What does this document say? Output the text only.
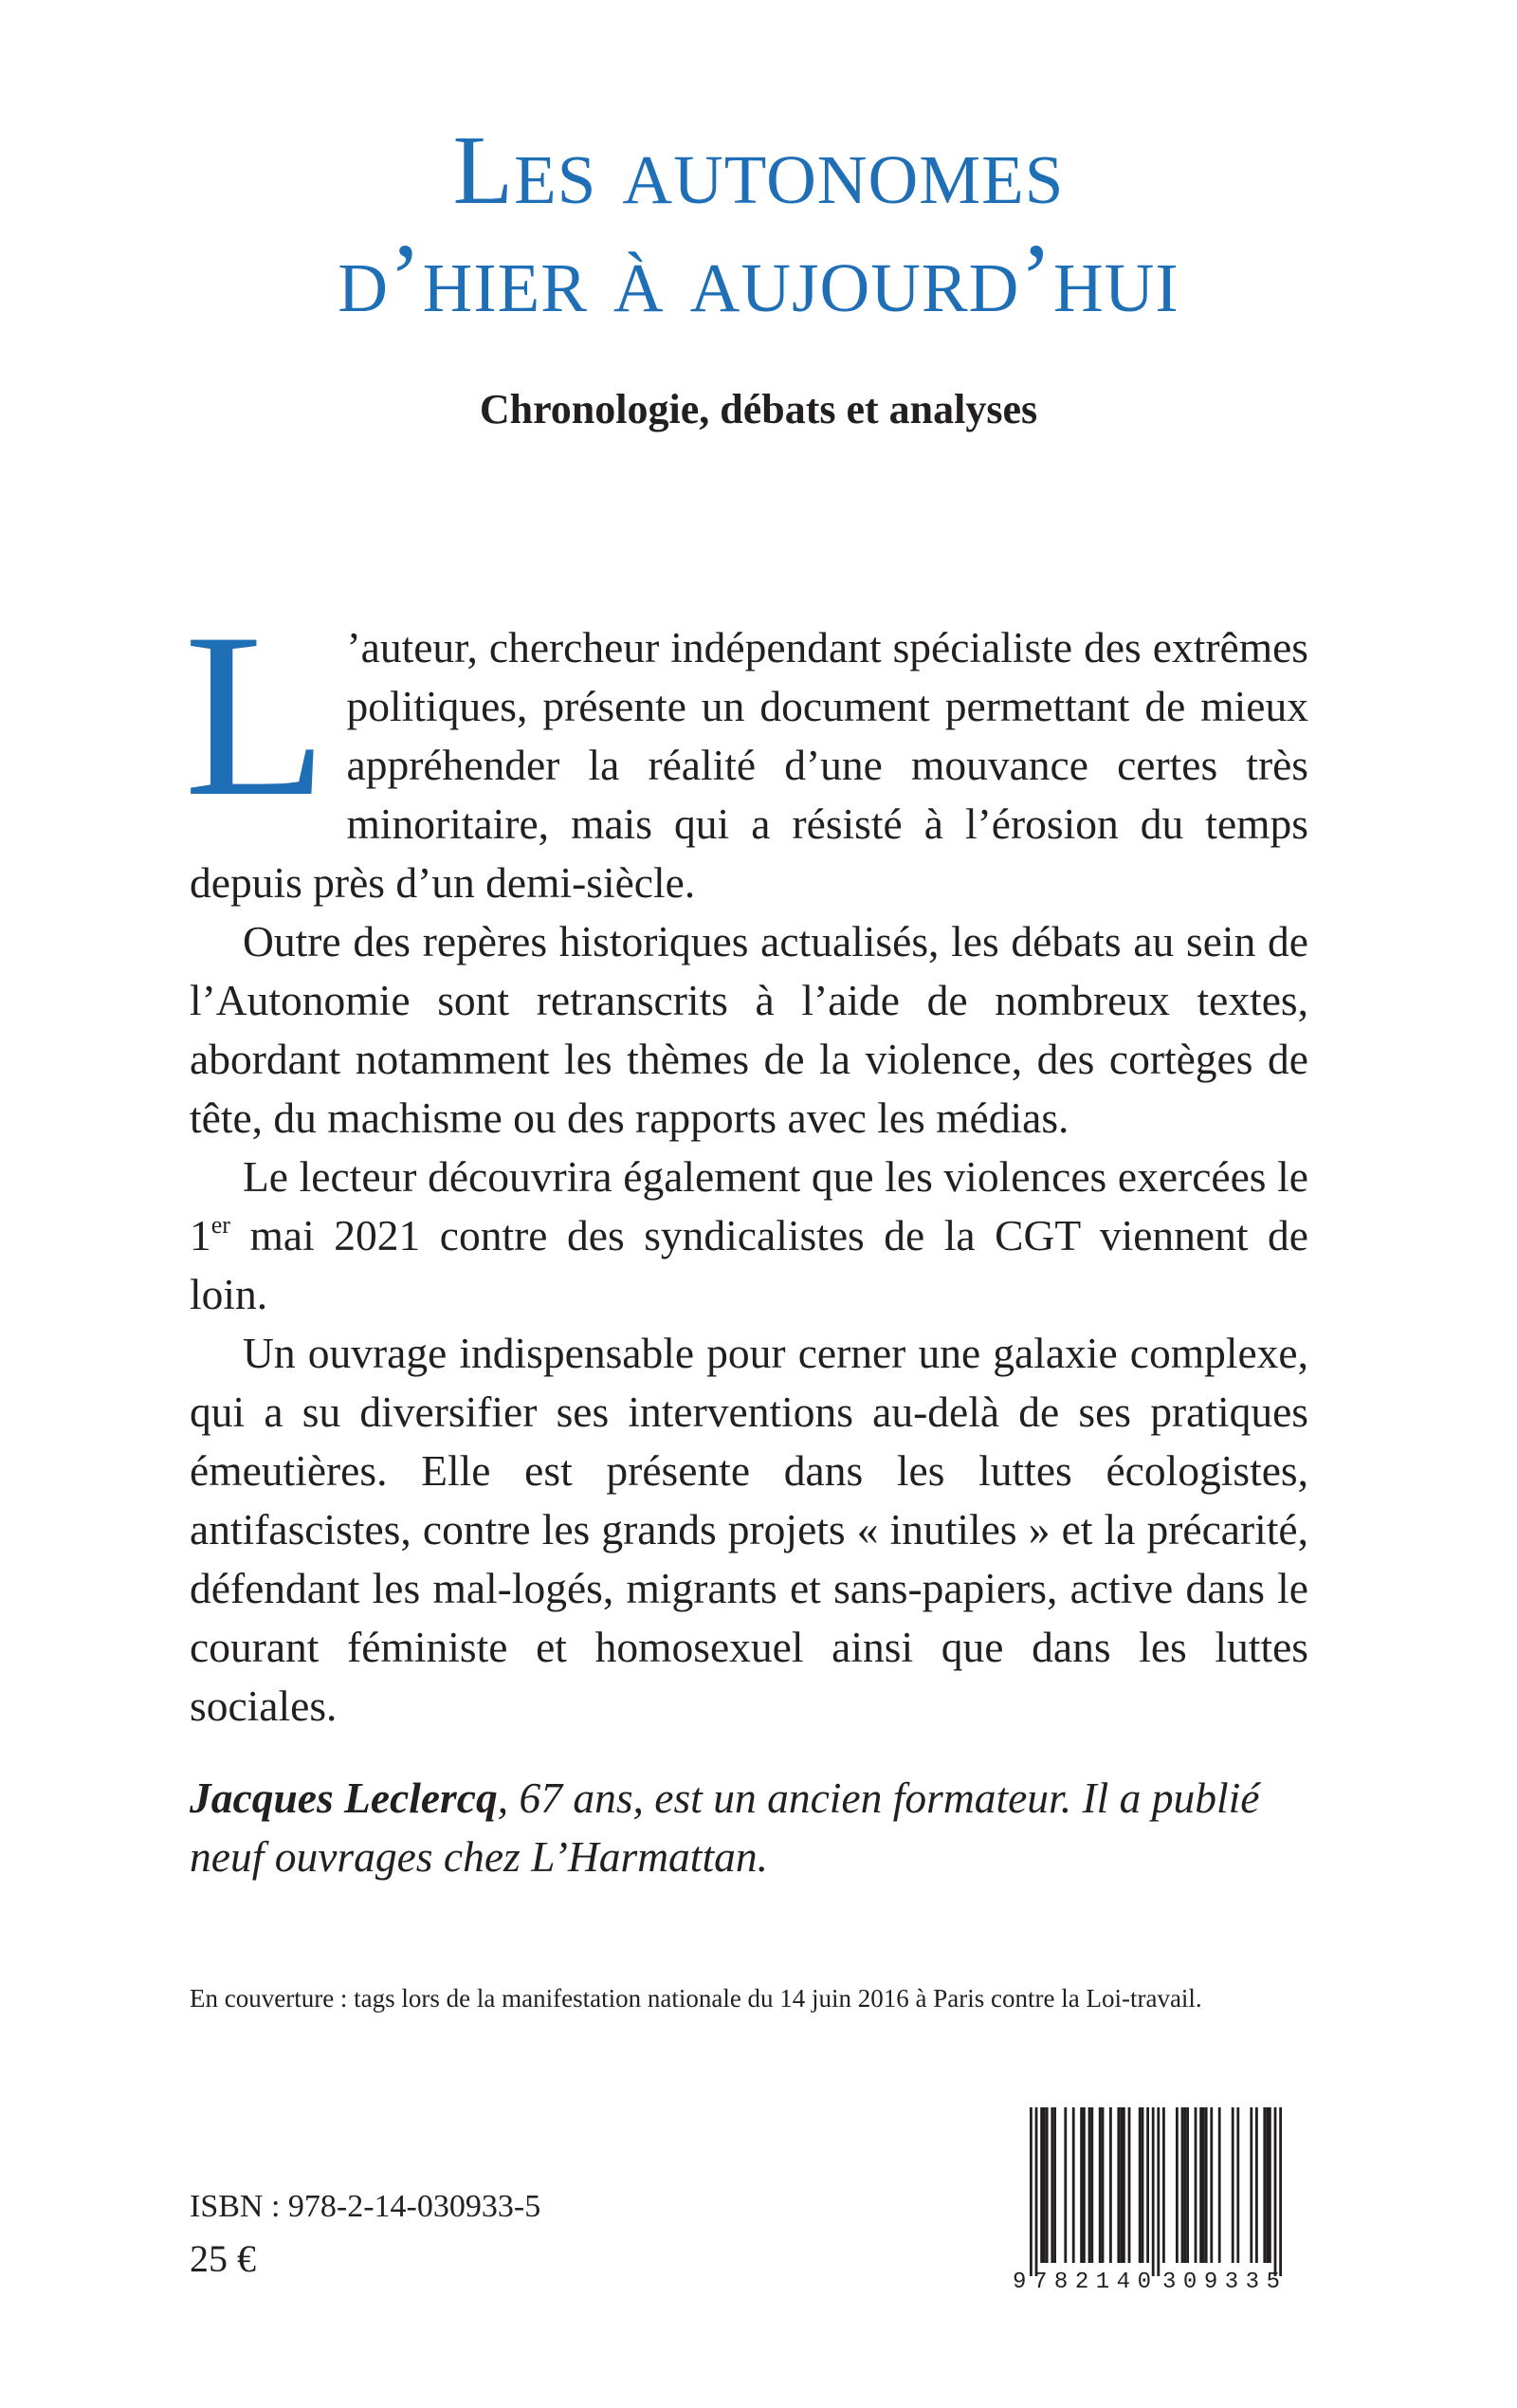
Les autonomes
d’hier à aujourd’hui
Chronologie, débats et analyses

L ’auteur, chercheur indépendant spécialiste des extrêmes politiques, présente un document permettant de mieux appréhender la réalité d’une mouvance certes très minoritaire, mais qui a résisté à l’érosion du temps depuis près d’un demi-siècle.

Outre des repères historiques actualisés, les débats au sein de l’Autonomie sont retranscrits à l’aide de nombreux textes, abordant notamment les thèmes de la violence, des cortèges de tête, du machisme ou des rapports avec les médias.

Le lecteur découvrira également que les violences exercées le 1er mai 2021 contre des syndicalistes de la CGT viennent de loin.

Un ouvrage indispensable pour cerner une galaxie complexe, qui a su diversifier ses interventions au-delà de ses pratiques émeutières. Elle est présente dans les luttes écologistes, antifascistes, contre les grands projets « inutiles » et la précarité, défendant les mal-logés, migrants et sans-papiers, active dans le courant féministe et homosexuel ainsi que dans les luttes sociales.

Jacques Leclercq, 67 ans, est un ancien formateur. Il a publié neuf ouvrages chez L’Harmattan.

En couverture : tags lors de la manifestation nationale du 14 juin 2016 à Paris contre la Loi-travail.

ISBN : 978-2-14-030933-5

25 €

9 782140 309335
